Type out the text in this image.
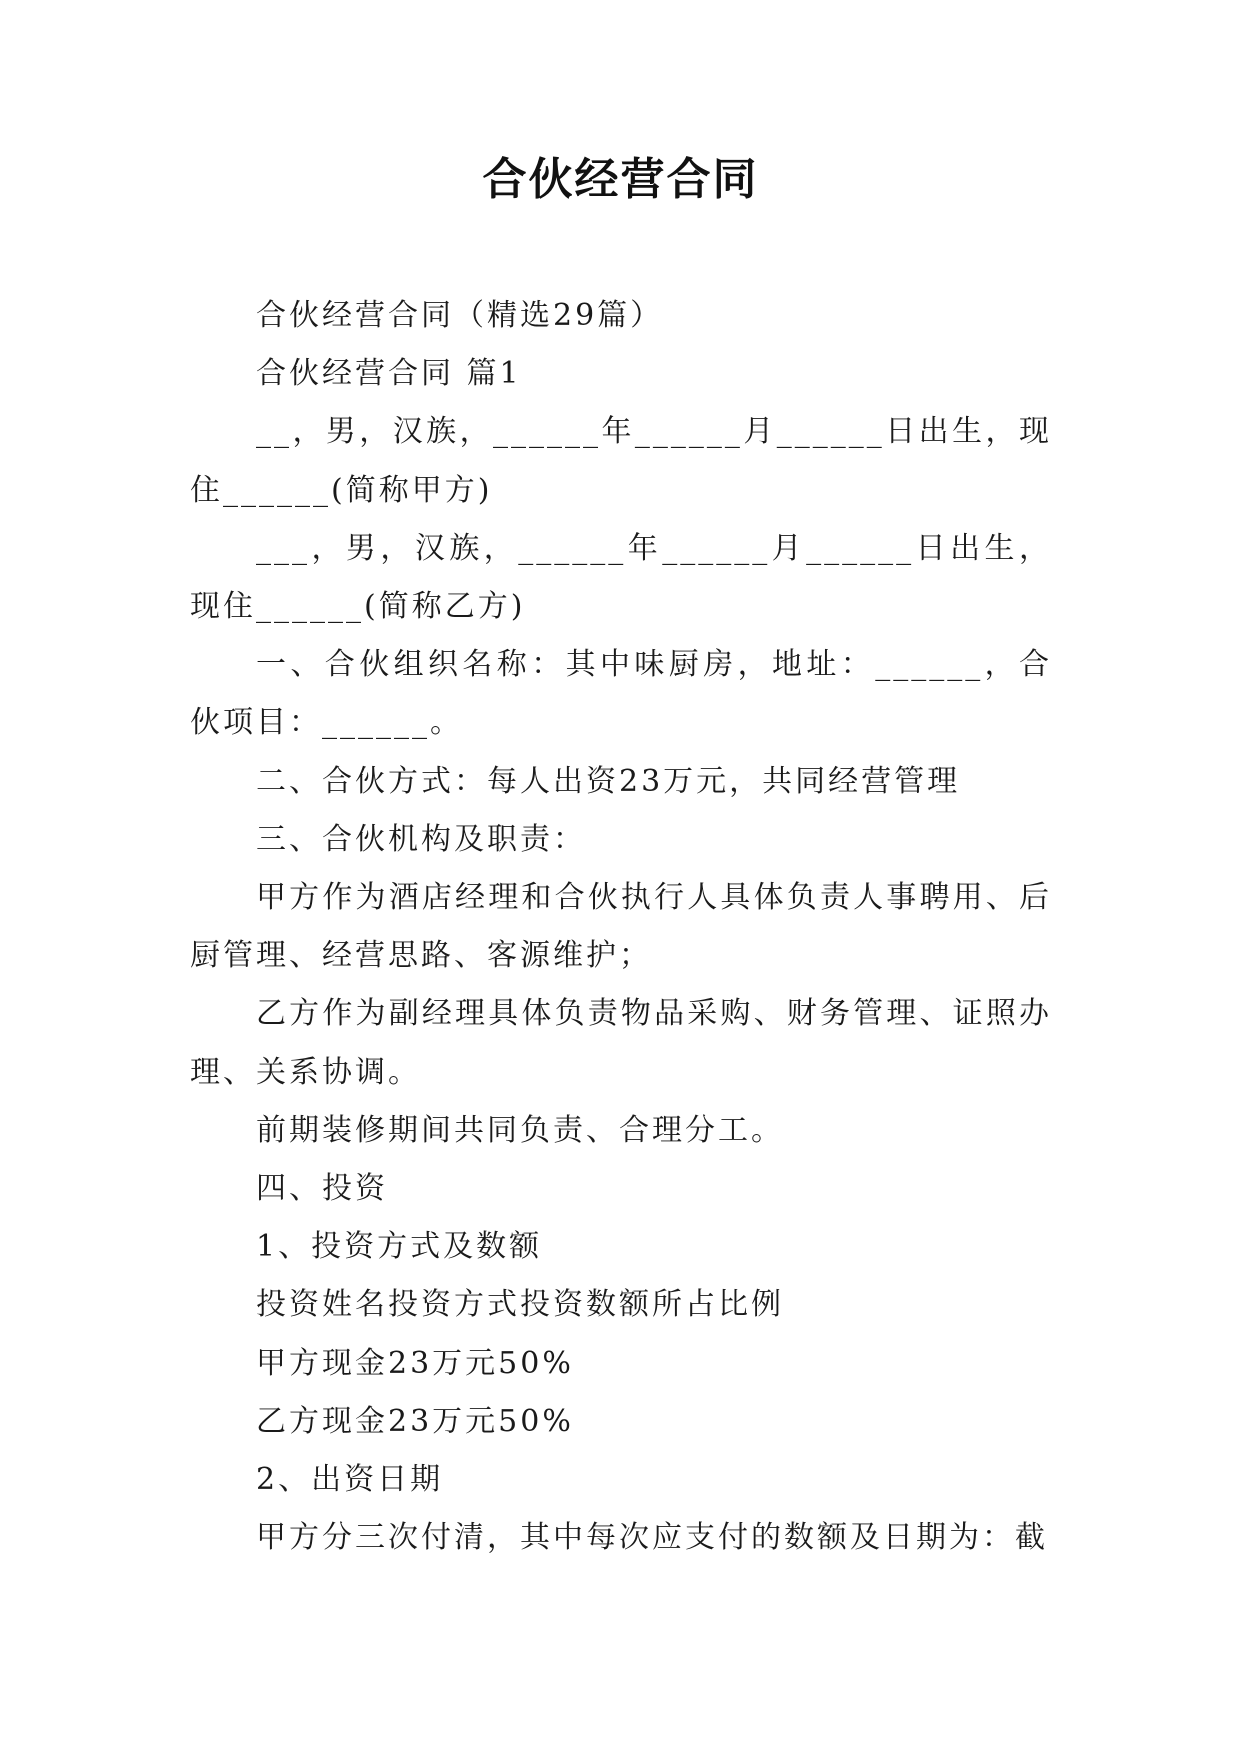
合伙经营合同

合伙经营合同（精选29篇）

合伙经营合同 篇1

__，男，汉族，______年______月______日出生，现住______(简称甲方)

___，男，汉族，______年______月______日出生，现住______(简称乙方)

一、合伙组织名称：其中味厨房，地址：______，合伙项目：______。

二、合伙方式：每人出资23万元，共同经营管理

三、合伙机构及职责：

甲方作为酒店经理和合伙执行人具体负责人事聘用、后厨管理、经营思路、客源维护；

乙方作为副经理具体负责物品采购、财务管理、证照办理、关系协调。

前期装修期间共同负责、合理分工。

四、投资

1、投资方式及数额

投资姓名投资方式投资数额所占比例

甲方现金23万元50%

乙方现金23万元50%

2、出资日期

甲方分三次付清，其中每次应支付的数额及日期为：截
